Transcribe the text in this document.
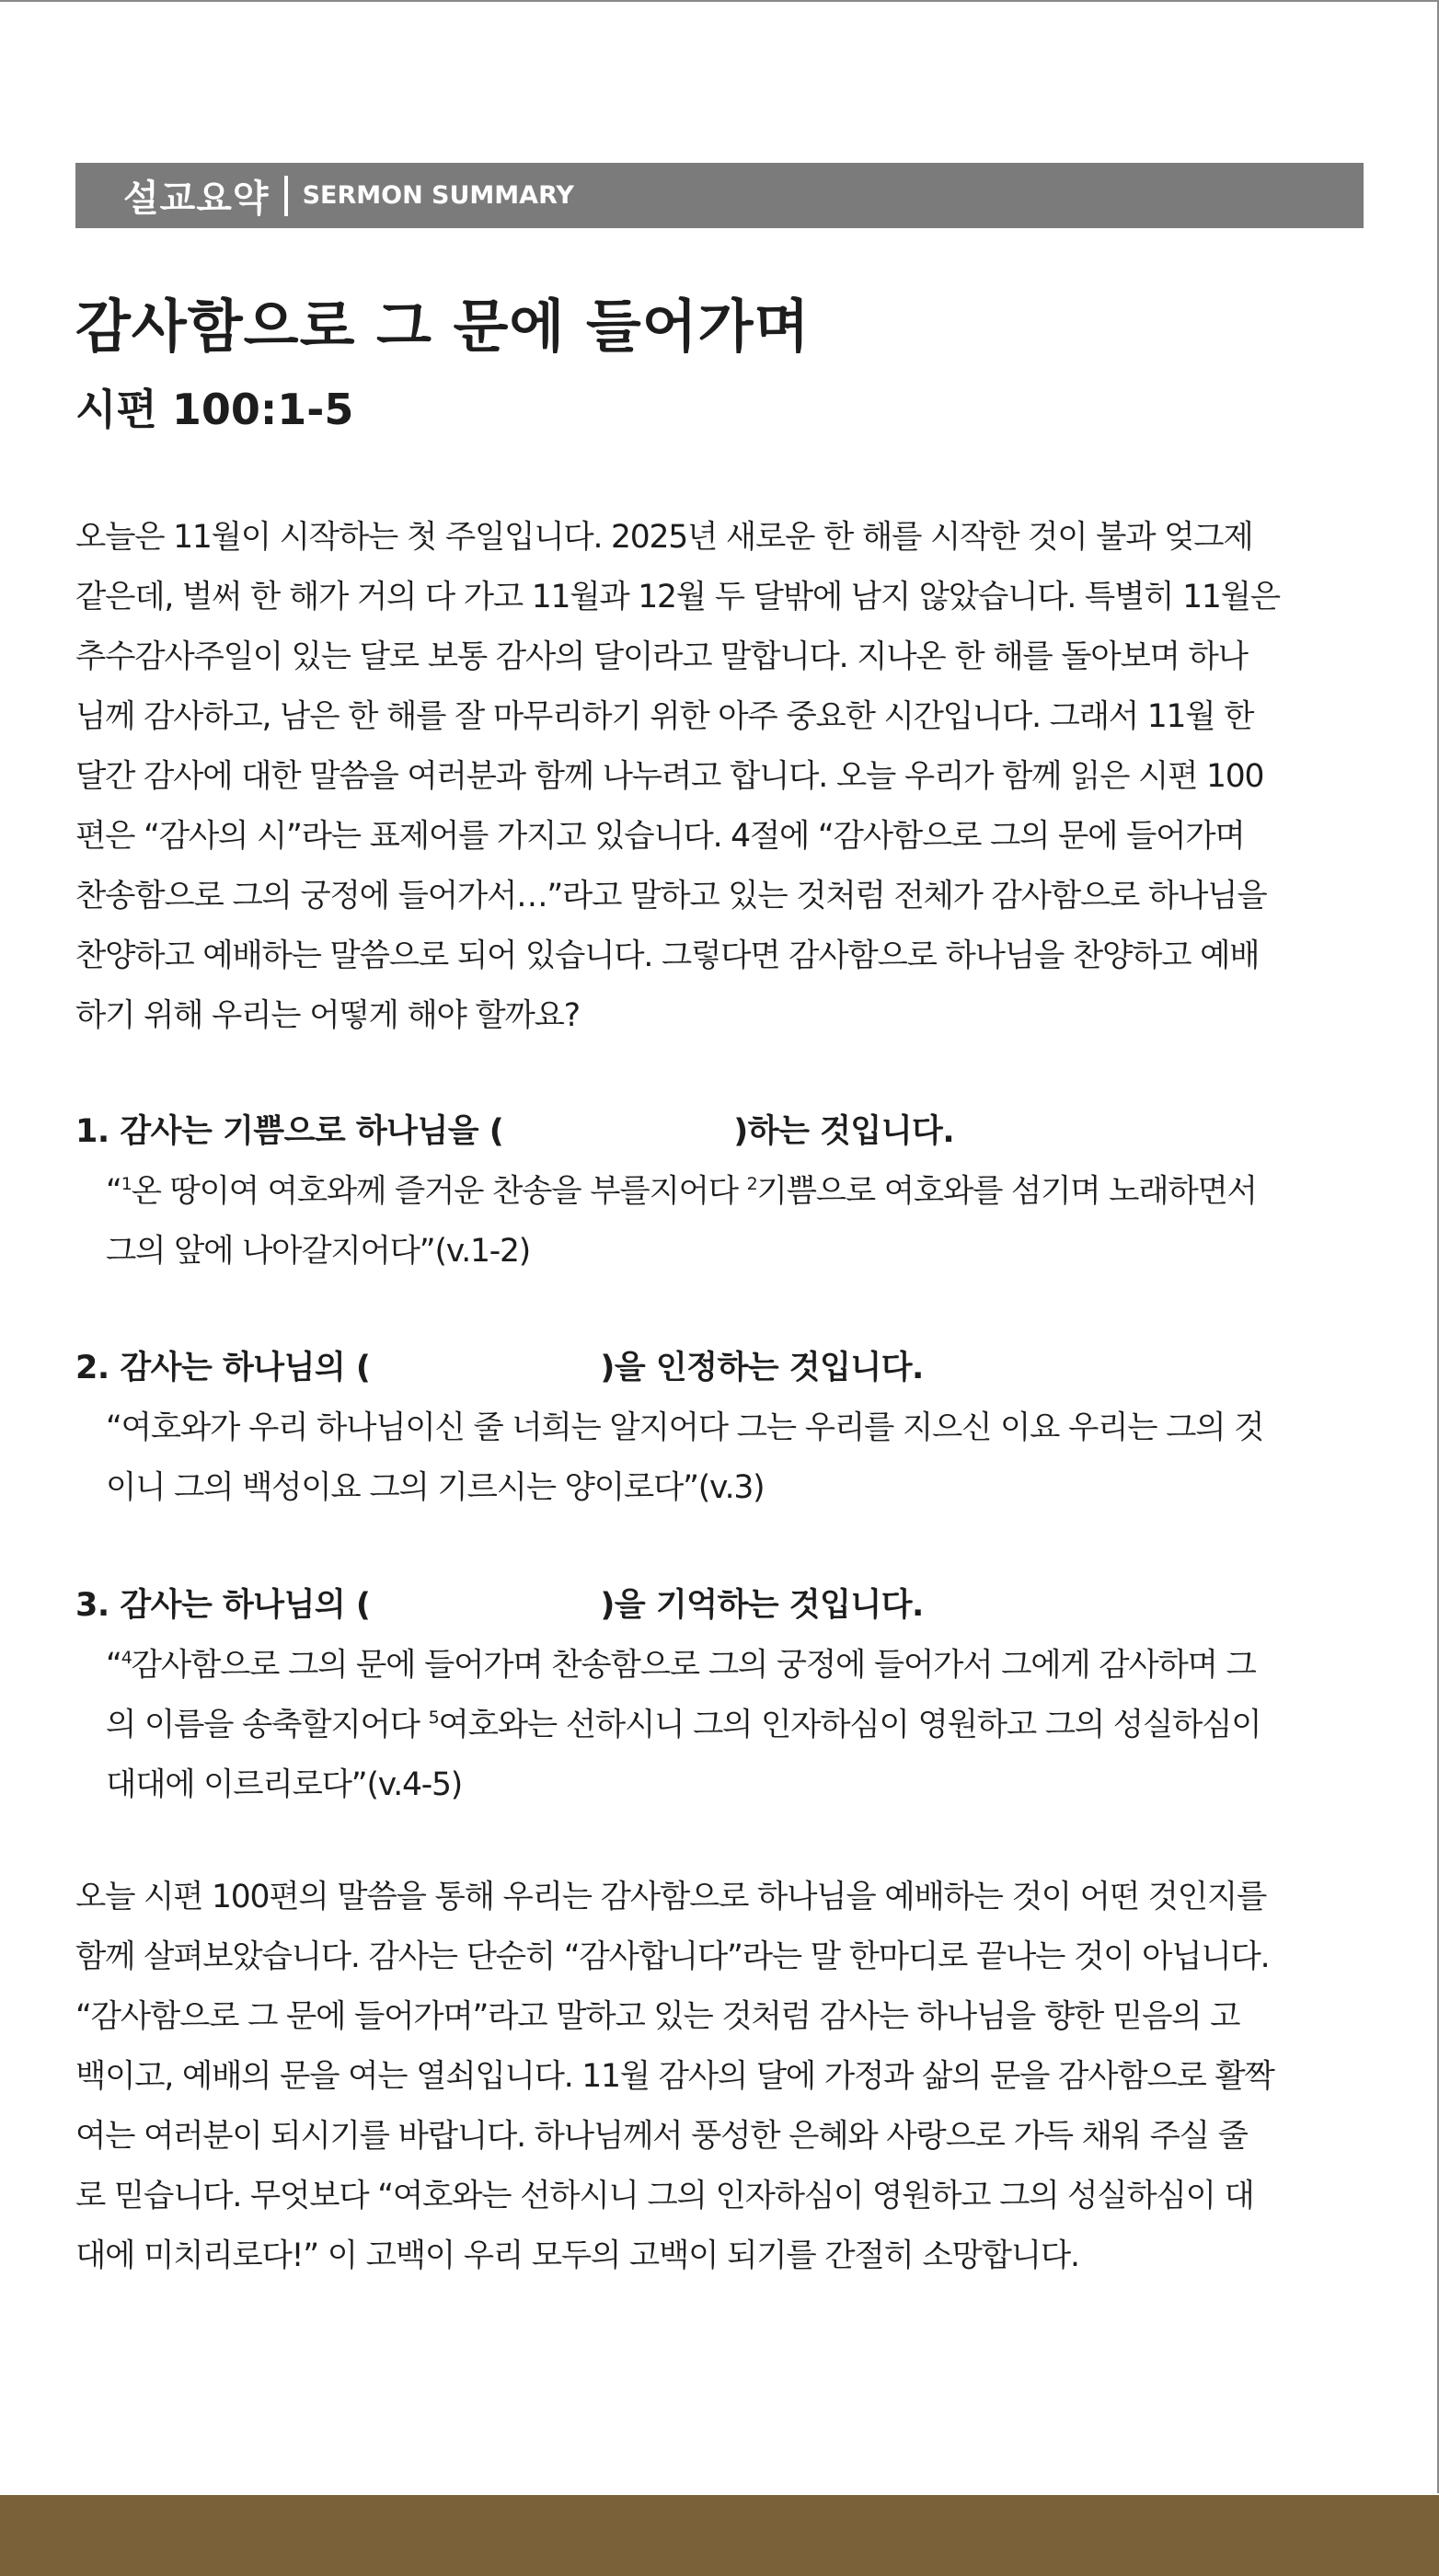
설교요약 SERMON SUMMARY
감사함으로 그 문에 들어가며
시편 100:1-5
오늘은 11월이 시작하는 첫 주일입니다. 2025년 새로운 한 해를 시작한 것이 불과 엊그제
같은데, 벌써 한 해가 거의 다 가고 11월과 12월 두 달밖에 남지 않았습니다. 특별히 11월은
추수감사주일이 있는 달로 보통 감사의 달이라고 말합니다. 지나온 한 해를 돌아보며 하나
님께 감사하고, 남은 한 해를 잘 마무리하기 위한 아주 중요한 시간입니다. 그래서 11월 한
달간 감사에 대한 말씀을 여러분과 함께 나누려고 합니다. 오늘 우리가 함께 읽은 시편 100
편은 “감사의 시”라는 표제어를 가지고 있습니다. 4절에 “감사함으로 그의 문에 들어가며
찬송함으로 그의 궁정에 들어가서…”라고 말하고 있는 것처럼 전체가 감사함으로 하나님을
찬양하고 예배하는 말씀으로 되어 있습니다. 그렇다면 감사함으로 하나님을 찬양하고 예배
하기 위해 우리는 어떻게 해야 할까요?
1. 감사는 기쁨으로 하나님을 (	)하는 것입니다.
“$^1$온 땅이여 여호와께 즐거운 찬송을 부를지어다 $^2$기쁨으로 여호와를 섬기며 노래하면서
그의 앞에 나아갈지어다”(v.1-2)
2. 감사는 하나님의 (	)을 인정하는 것입니다.
“여호와가 우리 하나님이신 줄 너희는 알지어다 그는 우리를 지으신 이요 우리는 그의 것
이니 그의 백성이요 그의 기르시는 양이로다”(v.3)
3. 감사는 하나님의 (	)을 기억하는 것입니다.
“$^4$감사함으로 그의 문에 들어가며 찬송함으로 그의 궁정에 들어가서 그에게 감사하며 그
의 이름을 송축할지어다 $^5$여호와는 선하시니 그의 인자하심이 영원하고 그의 성실하심이
대대에 이르리로다”(v.4-5)
오늘 시편 100편의 말씀을 통해 우리는 감사함으로 하나님을 예배하는 것이 어떤 것인지를
함께 살펴보았습니다. 감사는 단순히 “감사합니다”라는 말 한마디로 끝나는 것이 아닙니다.
“감사함으로 그 문에 들어가며”라고 말하고 있는 것처럼 감사는 하나님을 향한 믿음의 고
백이고, 예배의 문을 여는 열쇠입니다. 11월 감사의 달에 가정과 삶의 문을 감사함으로 활짝
여는 여러분이 되시기를 바랍니다. 하나님께서 풍성한 은혜와 사랑으로 가득 채워 주실 줄
로 믿습니다. 무엇보다 “여호와는 선하시니 그의 인자하심이 영원하고 그의 성실하심이 대
대에 미치리로다!” 이 고백이 우리 모두의 고백이 되기를 간절히 소망합니다.
